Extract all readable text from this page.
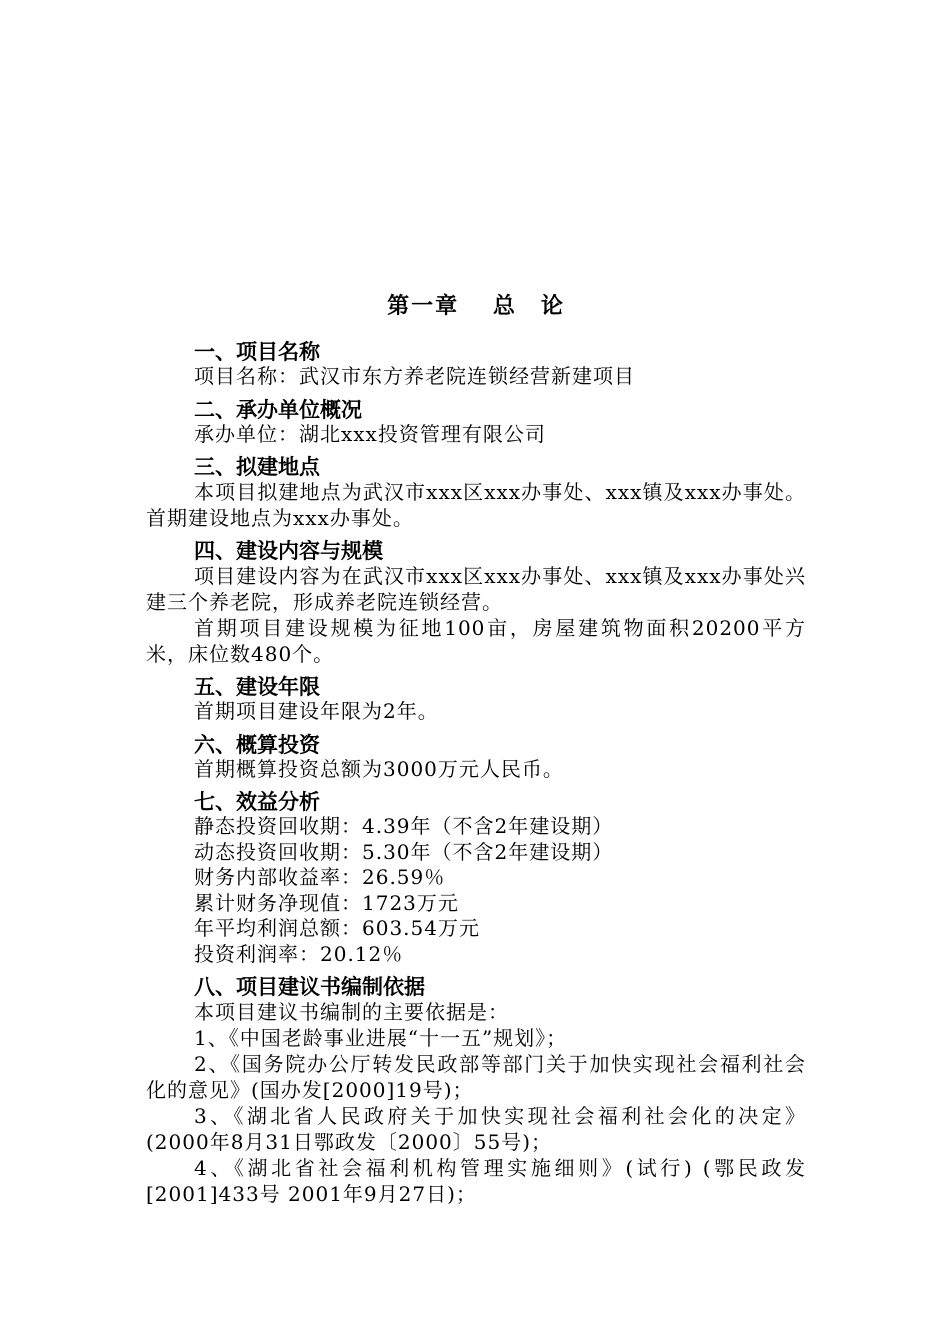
第一章　 总　论

一、项目名称

项目名称：武汉市东方养老院连锁经营新建项目

二、承办单位概况

承办单位：湖北xxx投资管理有限公司

三、拟建地点

本项目拟建地点为武汉市xxx区xxx办事处、xxx镇及xxx办事处。首期建设地点为xxx办事处。

四、建设内容与规模

项目建设内容为在武汉市xxx区xxx办事处、xxx镇及xxx办事处兴建三个养老院，形成养老院连锁经营。

首期项目建设规模为征地100亩，房屋建筑物面积20200平方米，床位数480个。

五、建设年限

首期项目建设年限为2年。

六、概算投资

首期概算投资总额为3000万元人民币。

七、效益分析

静态投资回收期：4.39年（不含2年建设期）

动态投资回收期：5.30年（不含2年建设期）

财务内部收益率：26.59％

累计财务净现值：1723万元

年平均利润总额：603.54万元

投资利润率：20.12％

八、项目建议书编制依据

本项目建议书编制的主要依据是：

1、《中国老龄事业进展“十一五”规划》；

2、《国务院办公厅转发民政部等部门关于加快实现社会福利社会化的意见》(国办发[2000]19号)；

3、《湖北省人民政府关于加快实现社会福利社会化的决定》 (2000年8月31日鄂政发〔2000〕55号)；

4、《湖北省社会福利机构管理实施细则》(试行) (鄂民政发[2001]433号 2001年9月27日)；
